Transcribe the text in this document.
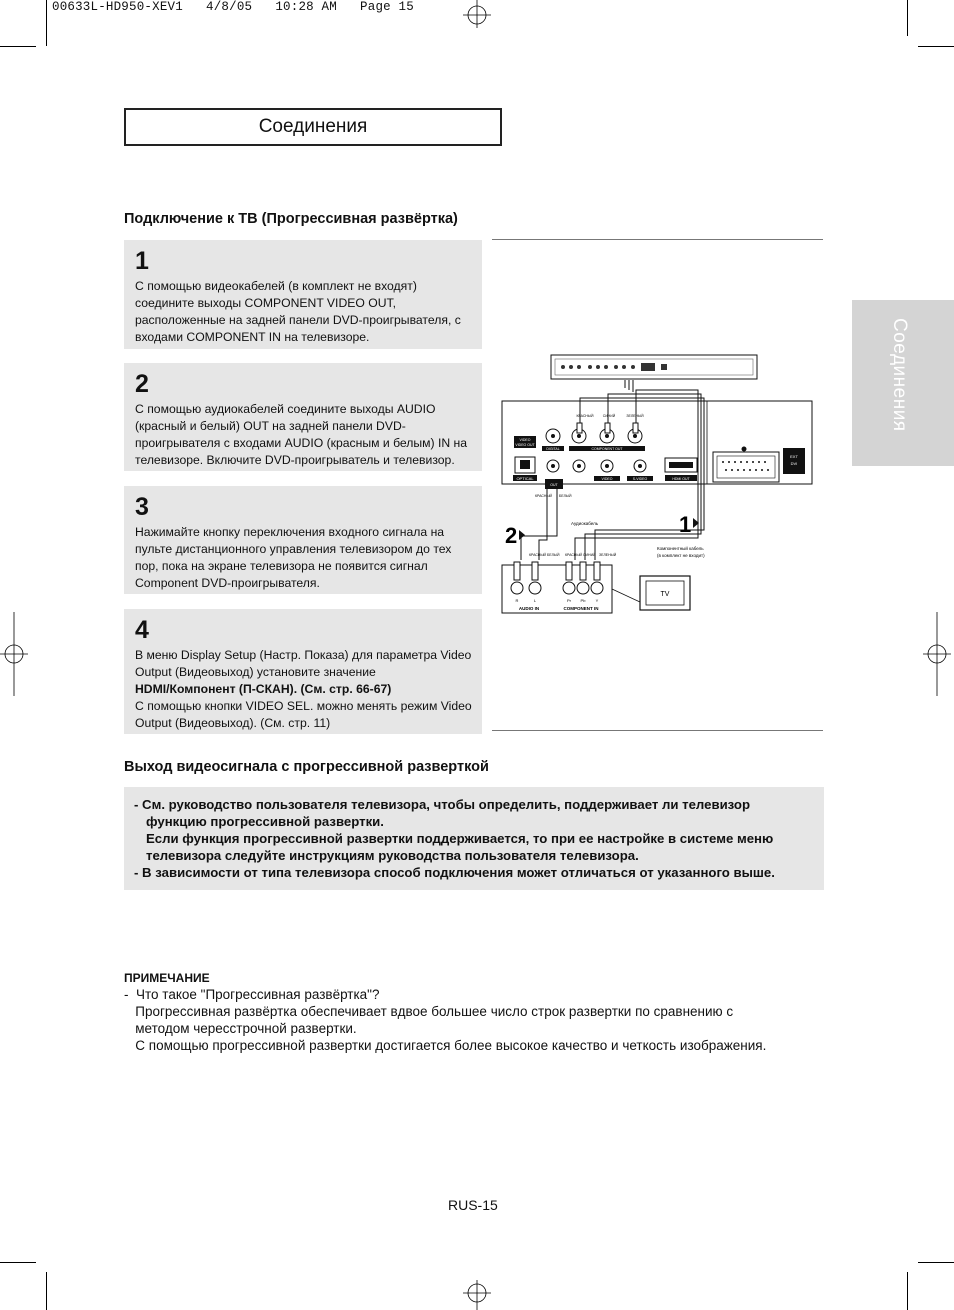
00633L-HD950-XEV1   4/8/05   10:28 AM   Page 15
Соединения
Соединения
Подключение к ТВ (Прогрессивная развёртка)
1
С помощью видеокабелей (в комплект не входят)
соедините выходы COMPONENT VIDEO OUT,
расположенные на задней панели DVD-проигрывателя, с
входами COMPONENT IN на телевизоре.
2
С помощью аудиокабелей соедините выходы AUDIO
(красный и белый) OUT на задней панели DVD-
проигрывателя с входами AUDIO (красным и белым) IN на
телевизоре. Включите DVD-проигрыватель и телевизор.
3
Нажимайте кнопку переключения входного сигнала на
пульте дистанционного управления телевизором до тех
пор, пока на экране телевизора не появится сигнал
Component DVD-проигрывателя.
4
В меню Display Setup (Настр. Показа) для параметра Video
Output (Видеовыход) установите значение
HDMI/Компонент (П-СКАН). (См. стр. 66-67)
С помощью кнопки VIDEO SEL. можно менять режим Video
Output (Видеовыход). (См. стр. 11)
VIDEO
VIDEO OUT
OPTICAL
DIGITAL	COMPONENT OUT
VIDEO	S-VIDEO	HDMI OUT
EXT
DVI
КРАСНЫЙ	СИНИЙ	ЗЕЛЕНЫЙ
OUT
КРАСНЫЙ БЕЛЫЙ
Аудиокабель	1
2
Компонентный кабель
(в комплект не входит)
КРАСНЫЙ БЕЛЫЙ КРАСНЫЙ СИНИЙ ЗЕЛЕНЫЙ
R	L	Pr Pb	Y
AUDIO IN	COMPONENT IN
TV
Выход видеосигнала с прогрессивной разверткой
- См. руководство пользователя телевизора, чтобы определить, поддерживает ли телевизор
функцию прогрессивной развертки.
Если функция прогрессивной развертки поддерживается, то при ее настройке в системе меню
телевизора следуйте инструкциям руководства пользователя телевизора.
- В зависимости от типа телевизора способ подключения может отличаться от указанного выше.
ПРИМЕЧАНИЕ
-  Что такое "Прогрессивная развёртка"?
Прогрессивная развёртка обеспечивает вдвое большее число строк развертки по сравнению с
методом чересстрочной развертки.
С помощью прогрессивной развертки достигается более высокое качество и четкость изображения.
RUS-15
